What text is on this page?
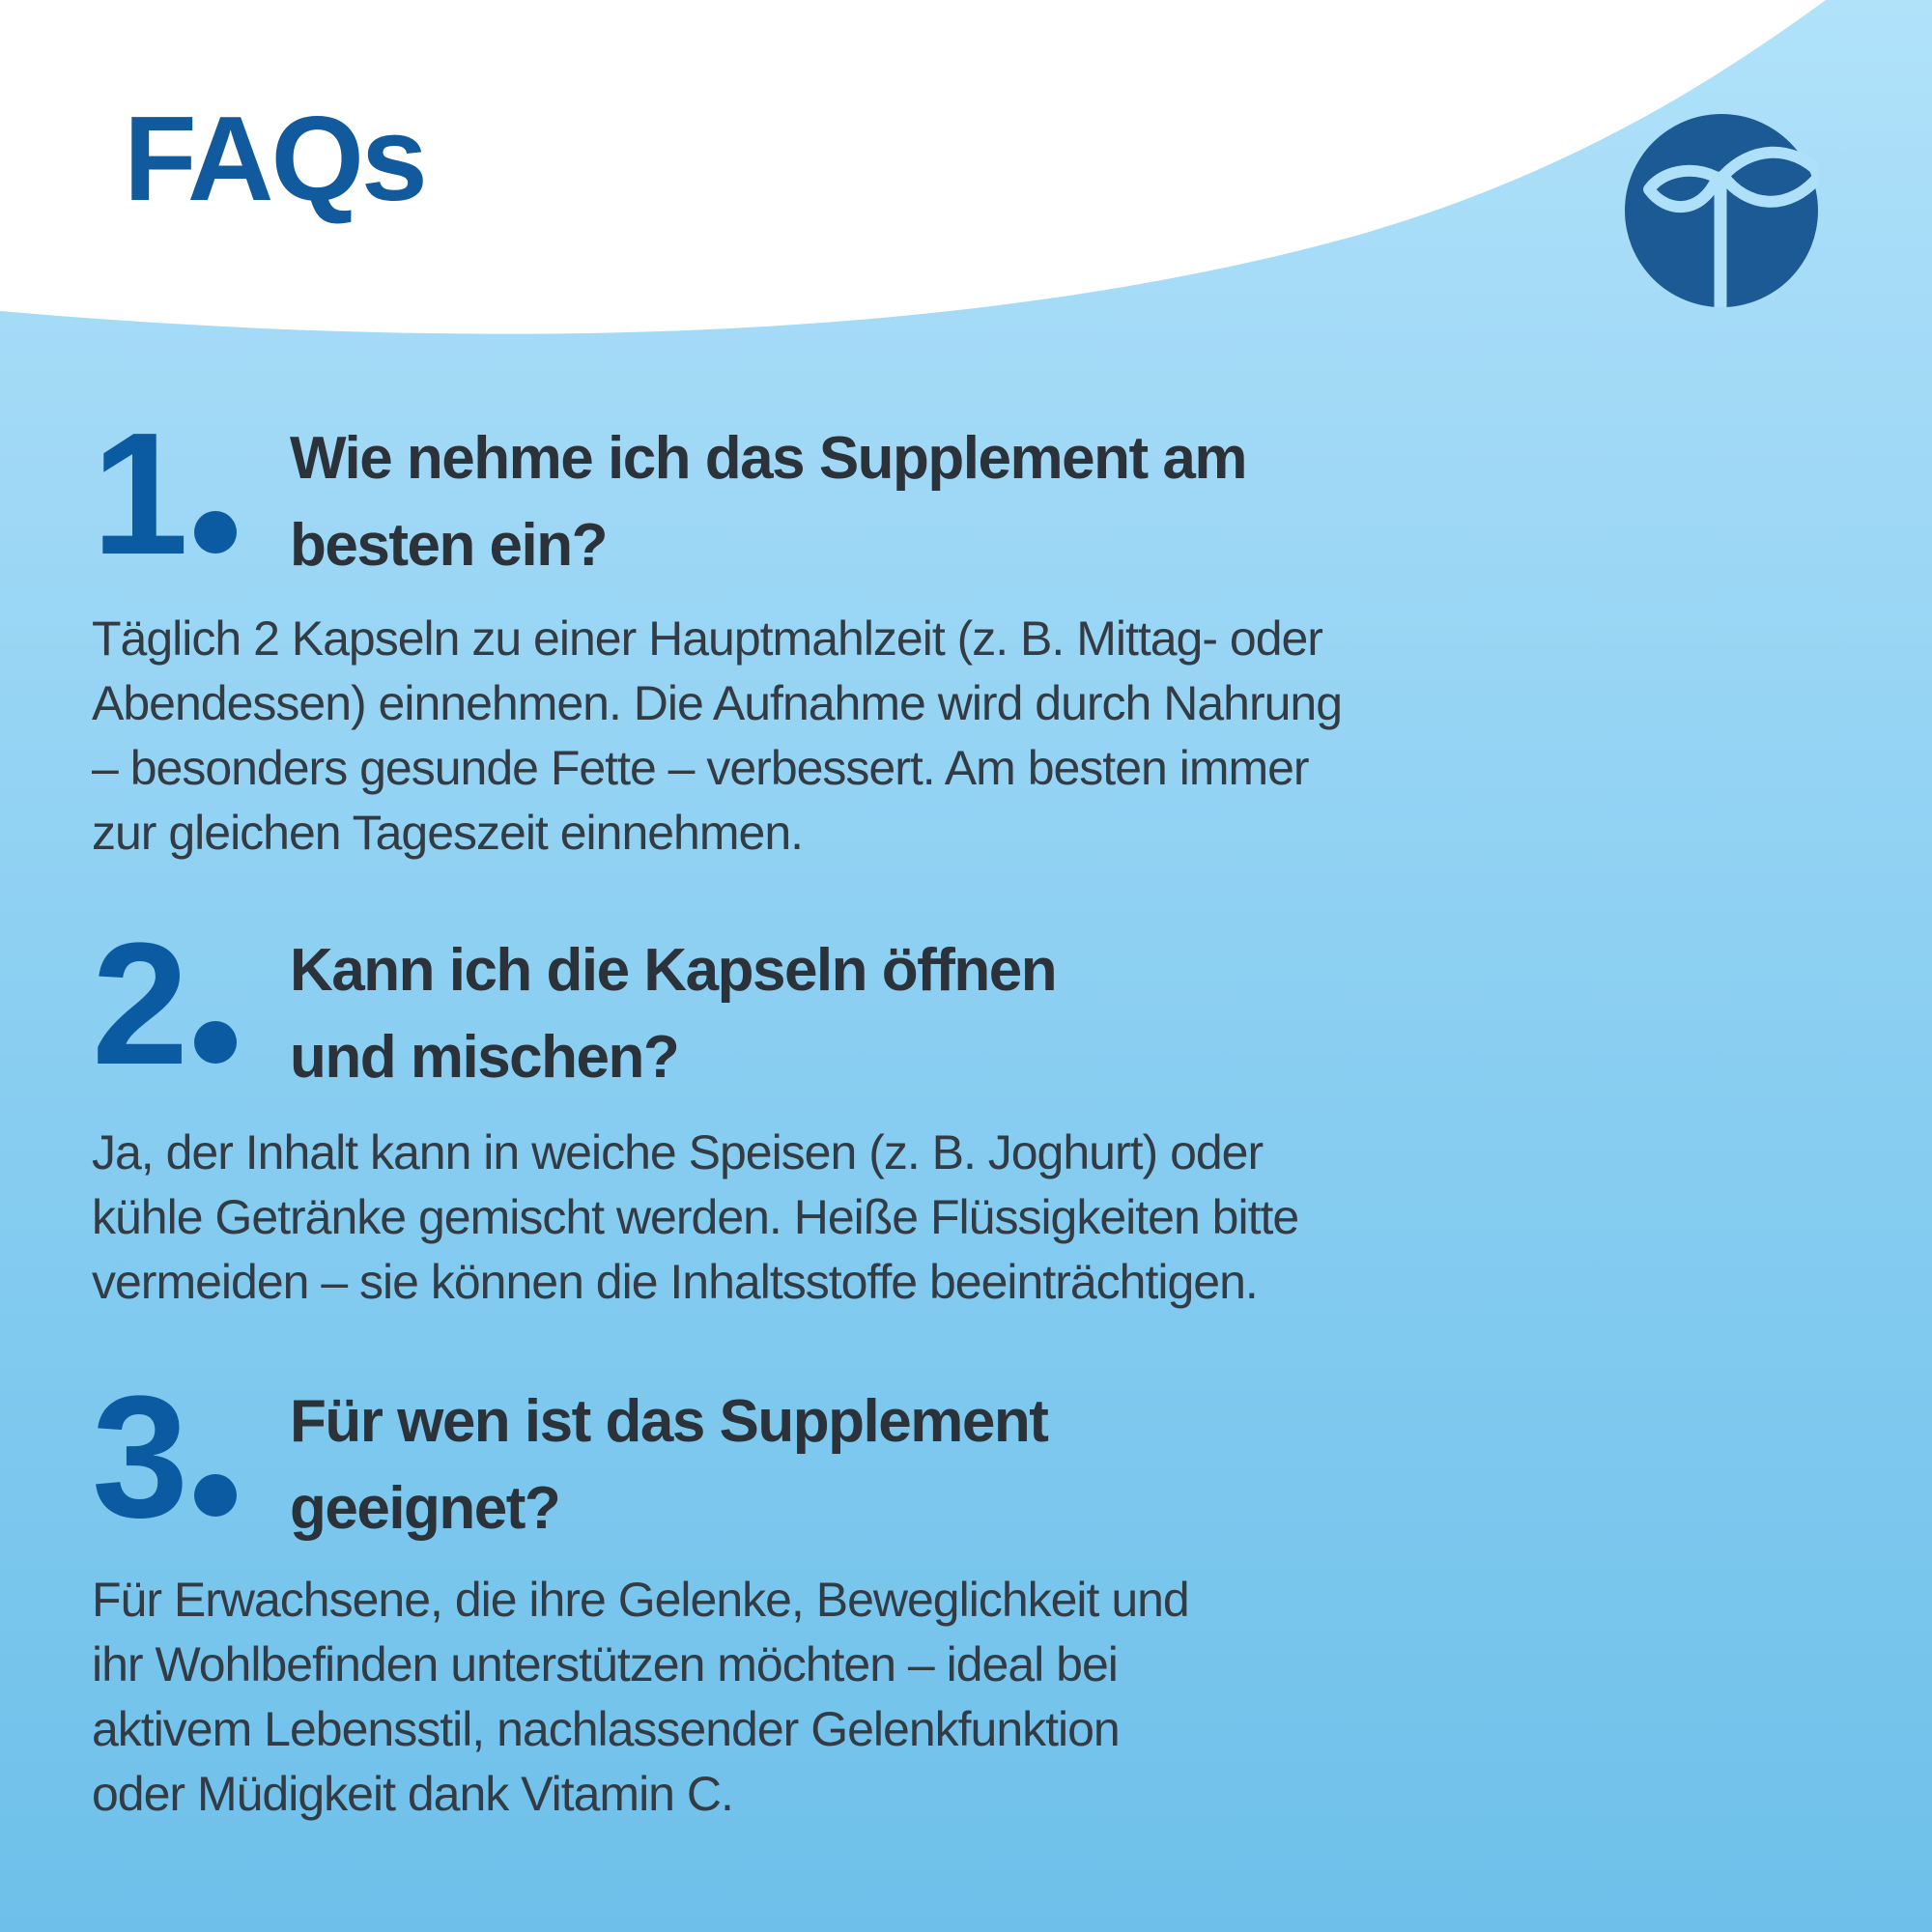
FAQs
1	Wie nehme ich das Supplement am
besten ein?
Täglich 2 Kapseln zu einer Hauptmahlzeit (z. B. Mittag- oder
Abendessen) einnehmen. Die Aufnahme wird durch Nahrung
– besonders gesunde Fette – verbessert. Am besten immer
zur gleichen Tageszeit einnehmen.
2	Kann ich die Kapseln öffnen
und mischen?
Ja, der Inhalt kann in weiche Speisen (z. B. Joghurt) oder
kühle Getränke gemischt werden. Heiße Flüssigkeiten bitte
vermeiden – sie können die Inhaltsstoffe beeinträchtigen.
3	Für wen ist das Supplement
geeignet?
Für Erwachsene, die ihre Gelenke, Beweglichkeit und
ihr Wohlbefinden unterstützen möchten – ideal bei
aktivem Lebensstil, nachlassender Gelenkfunktion
oder Müdigkeit dank Vitamin C.
